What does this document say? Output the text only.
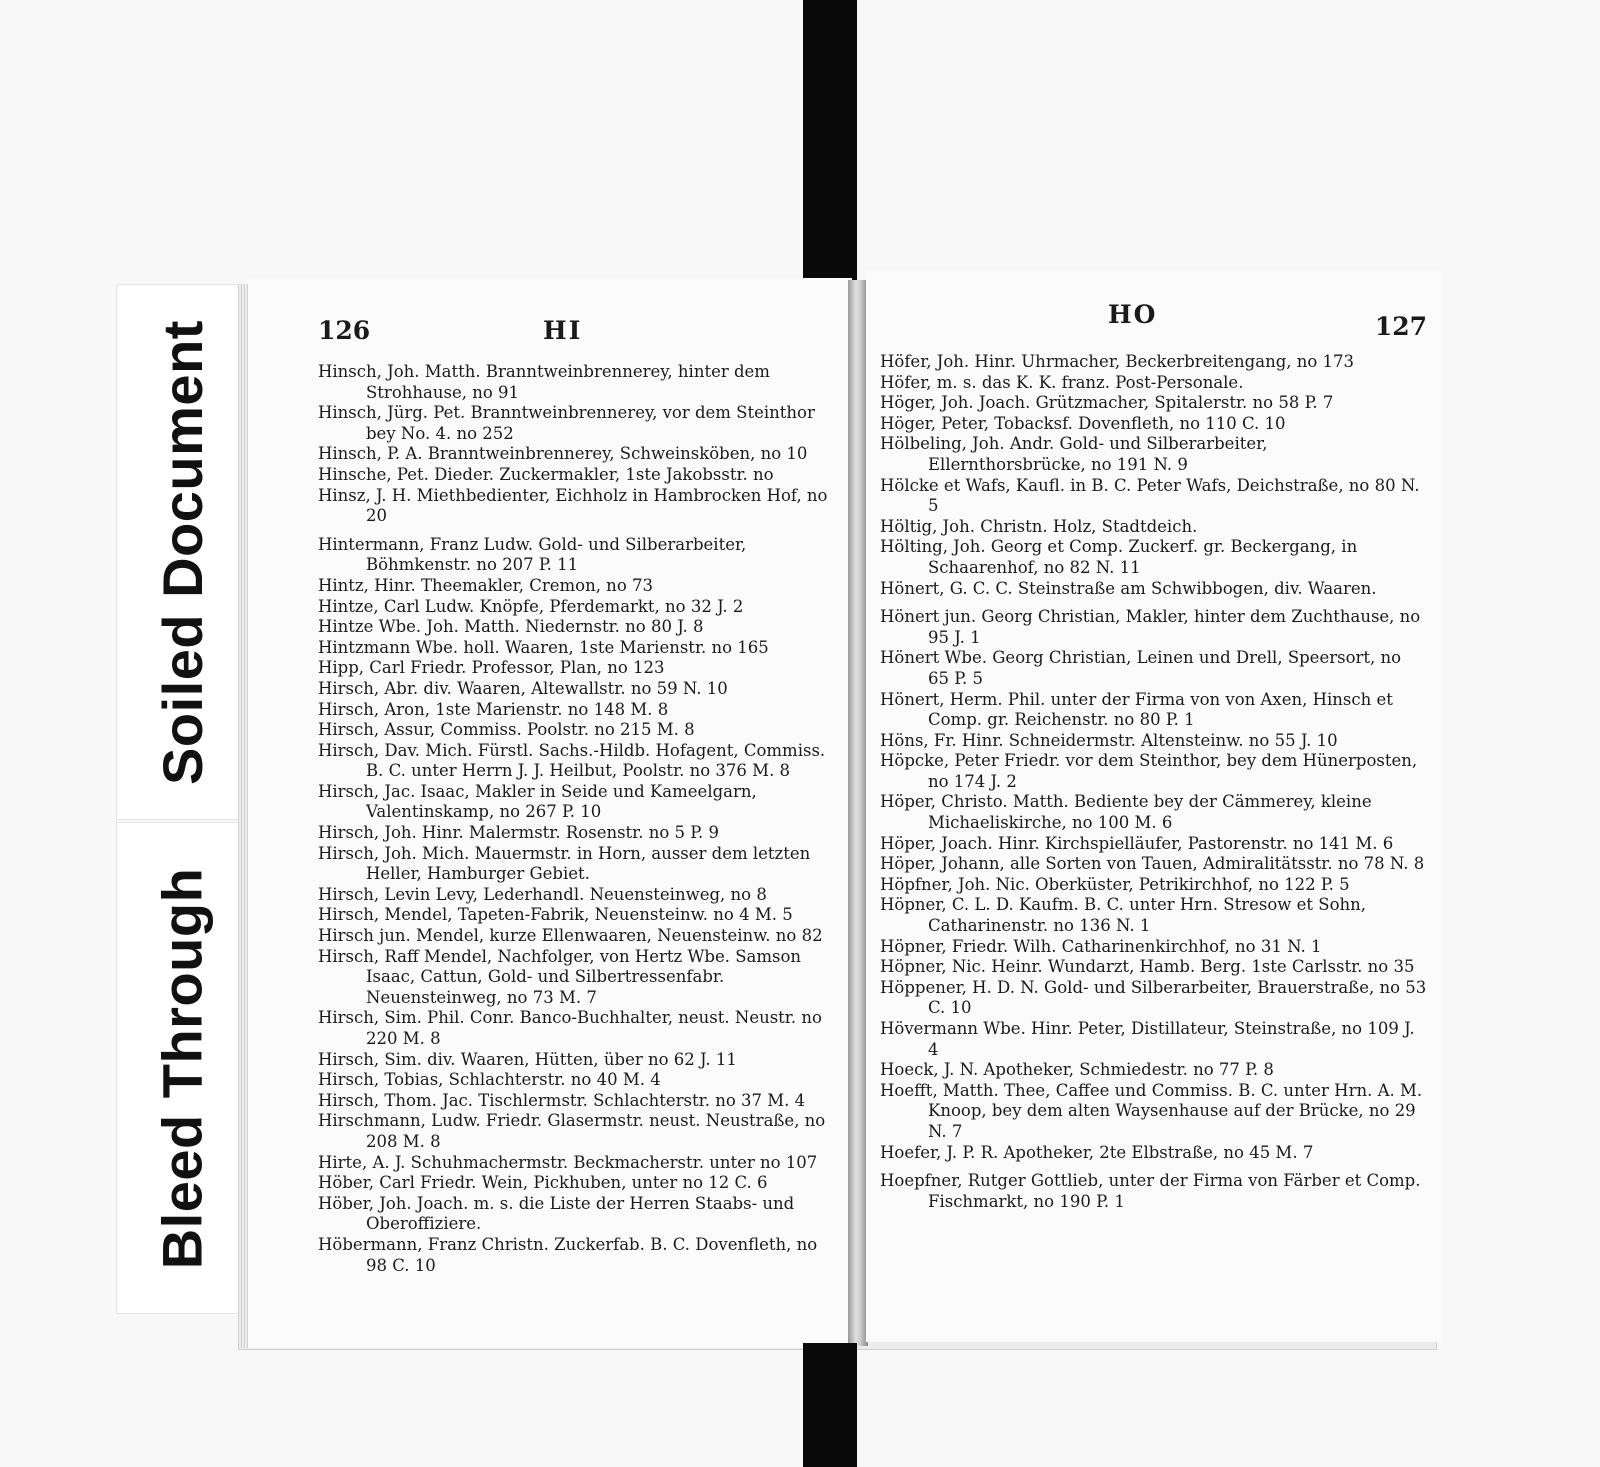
Soiled Document
Bleed Through
126	HI

Hinsch, Joh. Matth. Branntweinbrennerey, hinter dem Strohhause, no 91

Hinsch, Jürg. Pet. Branntweinbrennerey, vor dem Steinthor bey No. 4. no 252

Hinsch, P. A. Branntweinbrennerey, Schweinsköben, no 10

Hinsche, Pet. Dieder. Zuckermakler, 1ste Jakobsstr. no

Hinsz, J. H. Miethbedienter, Eichholz in Hambrocken Hof, no 20

Hintermann, Franz Ludw. Gold- und Silberarbeiter, Böhmkenstr. no 207 P. 11

Hintz, Hinr. Theemakler, Cremon, no 73

Hintze, Carl Ludw. Knöpfe, Pferdemarkt, no 32 J. 2

Hintze Wbe. Joh. Matth. Niedernstr. no 80 J. 8

Hintzmann Wbe. holl. Waaren, 1ste Marienstr. no 165

Hipp, Carl Friedr. Professor, Plan, no 123

Hirsch, Abr. div. Waaren, Altewallstr. no 59 N. 10

Hirsch, Aron, 1ste Marienstr. no 148 M. 8

Hirsch, Assur, Commiss. Poolstr. no 215 M. 8

Hirsch, Dav. Mich. Fürstl. Sachs.-Hildb. Hofagent, Commiss. B. C. unter Herrn J. J. Heilbut, Poolstr. no 376 M. 8

Hirsch, Jac. Isaac, Makler in Seide und Kameelgarn, Valentinskamp, no 267 P. 10

Hirsch, Joh. Hinr. Malermstr. Rosenstr. no 5 P. 9

Hirsch, Joh. Mich. Mauermstr. in Horn, ausser dem letzten Heller, Hamburger Gebiet.

Hirsch, Levin Levy, Lederhandl. Neuensteinweg, no 8

Hirsch, Mendel, Tapeten-Fabrik, Neuensteinw. no 4 M. 5

Hirsch jun. Mendel, kurze Ellenwaaren, Neuensteinw. no 82

Hirsch, Raff Mendel, Nachfolger, von Hertz Wbe. Samson Isaac, Cattun, Gold- und Silbertressenfabr. Neuensteinweg, no 73 M. 7

Hirsch, Sim. Phil. Conr. Banco-Buchhalter, neust. Neustr. no 220 M. 8

Hirsch, Sim. div. Waaren, Hütten, über no 62 J. 11

Hirsch, Tobias, Schlachterstr. no 40 M. 4

Hirsch, Thom. Jac. Tischlermstr. Schlachterstr. no 37 M. 4

Hirschmann, Ludw. Friedr. Glasermstr. neust. Neustraße, no 208 M. 8

Hirte, A. J. Schuhmachermstr. Beckmacherstr. unter no 107

Höber, Carl Friedr. Wein, Pickhuben, unter no 12 C. 6

Höber, Joh. Joach. m. s. die Liste der Herren Staabs- und Oberoffiziere.

Höbermann, Franz Christn. Zuckerfab. B. C. Dovenfleth, no 98 C. 10

HO	127

Höfer, Joh. Hinr. Uhrmacher, Beckerbreitengang, no 173

Höfer, m. s. das K. K. franz. Post-Personale.

Höger, Joh. Joach. Grützmacher, Spitalerstr. no 58 P. 7

Höger, Peter, Tobacksf. Dovenfleth, no 110 C. 10

Hölbeling, Joh. Andr. Gold- und Silberarbeiter, Ellernthorsbrücke, no 191 N. 9

Hölcke et Wafs, Kaufl. in B. C. Peter Wafs, Deichstraße, no 80 N. 5

Höltig, Joh. Christn. Holz, Stadtdeich.

Hölting, Joh. Georg et Comp. Zuckerf. gr. Beckergang, in Schaarenhof, no 82 N. 11

Hönert, G. C. C. Steinstraße am Schwibbogen, div. Waaren.

Hönert jun. Georg Christian, Makler, hinter dem Zuchthause, no 95 J. 1

Hönert Wbe. Georg Christian, Leinen und Drell, Speersort, no 65 P. 5

Hönert, Herm. Phil. unter der Firma von von Axen, Hinsch et Comp. gr. Reichenstr. no 80 P. 1

Höns, Fr. Hinr. Schneidermstr. Altensteinw. no 55 J. 10

Höpcke, Peter Friedr. vor dem Steinthor, bey dem Hünerposten, no 174 J. 2

Höper, Christo. Matth. Bediente bey der Cämmerey, kleine Michaeliskirche, no 100 M. 6

Höper, Joach. Hinr. Kirchspielläufer, Pastorenstr. no 141 M. 6

Höper, Johann, alle Sorten von Tauen, Admiralitätsstr. no 78 N. 8

Höpfner, Joh. Nic. Oberküster, Petrikirchhof, no 122 P. 5

Höpner, C. L. D. Kaufm. B. C. unter Hrn. Stresow et Sohn, Catharinenstr. no 136 N. 1

Höpner, Friedr. Wilh. Catharinenkirchhof, no 31 N. 1

Höpner, Nic. Heinr. Wundarzt, Hamb. Berg. 1ste Carlsstr. no 35

Höppener, H. D. N. Gold- und Silberarbeiter, Brauerstraße, no 53 C. 10

Hövermann Wbe. Hinr. Peter, Distillateur, Steinstraße, no 109 J. 4

Hoeck, J. N. Apotheker, Schmiedestr. no 77 P. 8

Hoefft, Matth. Thee, Caffee und Commiss. B. C. unter Hrn. A. M. Knoop, bey dem alten Waysenhause auf der Brücke, no 29 N. 7

Hoefer, J. P. R. Apotheker, 2te Elbstraße, no 45 M. 7

Hoepfner, Rutger Gottlieb, unter der Firma von Färber et Comp. Fischmarkt, no 190 P. 1
